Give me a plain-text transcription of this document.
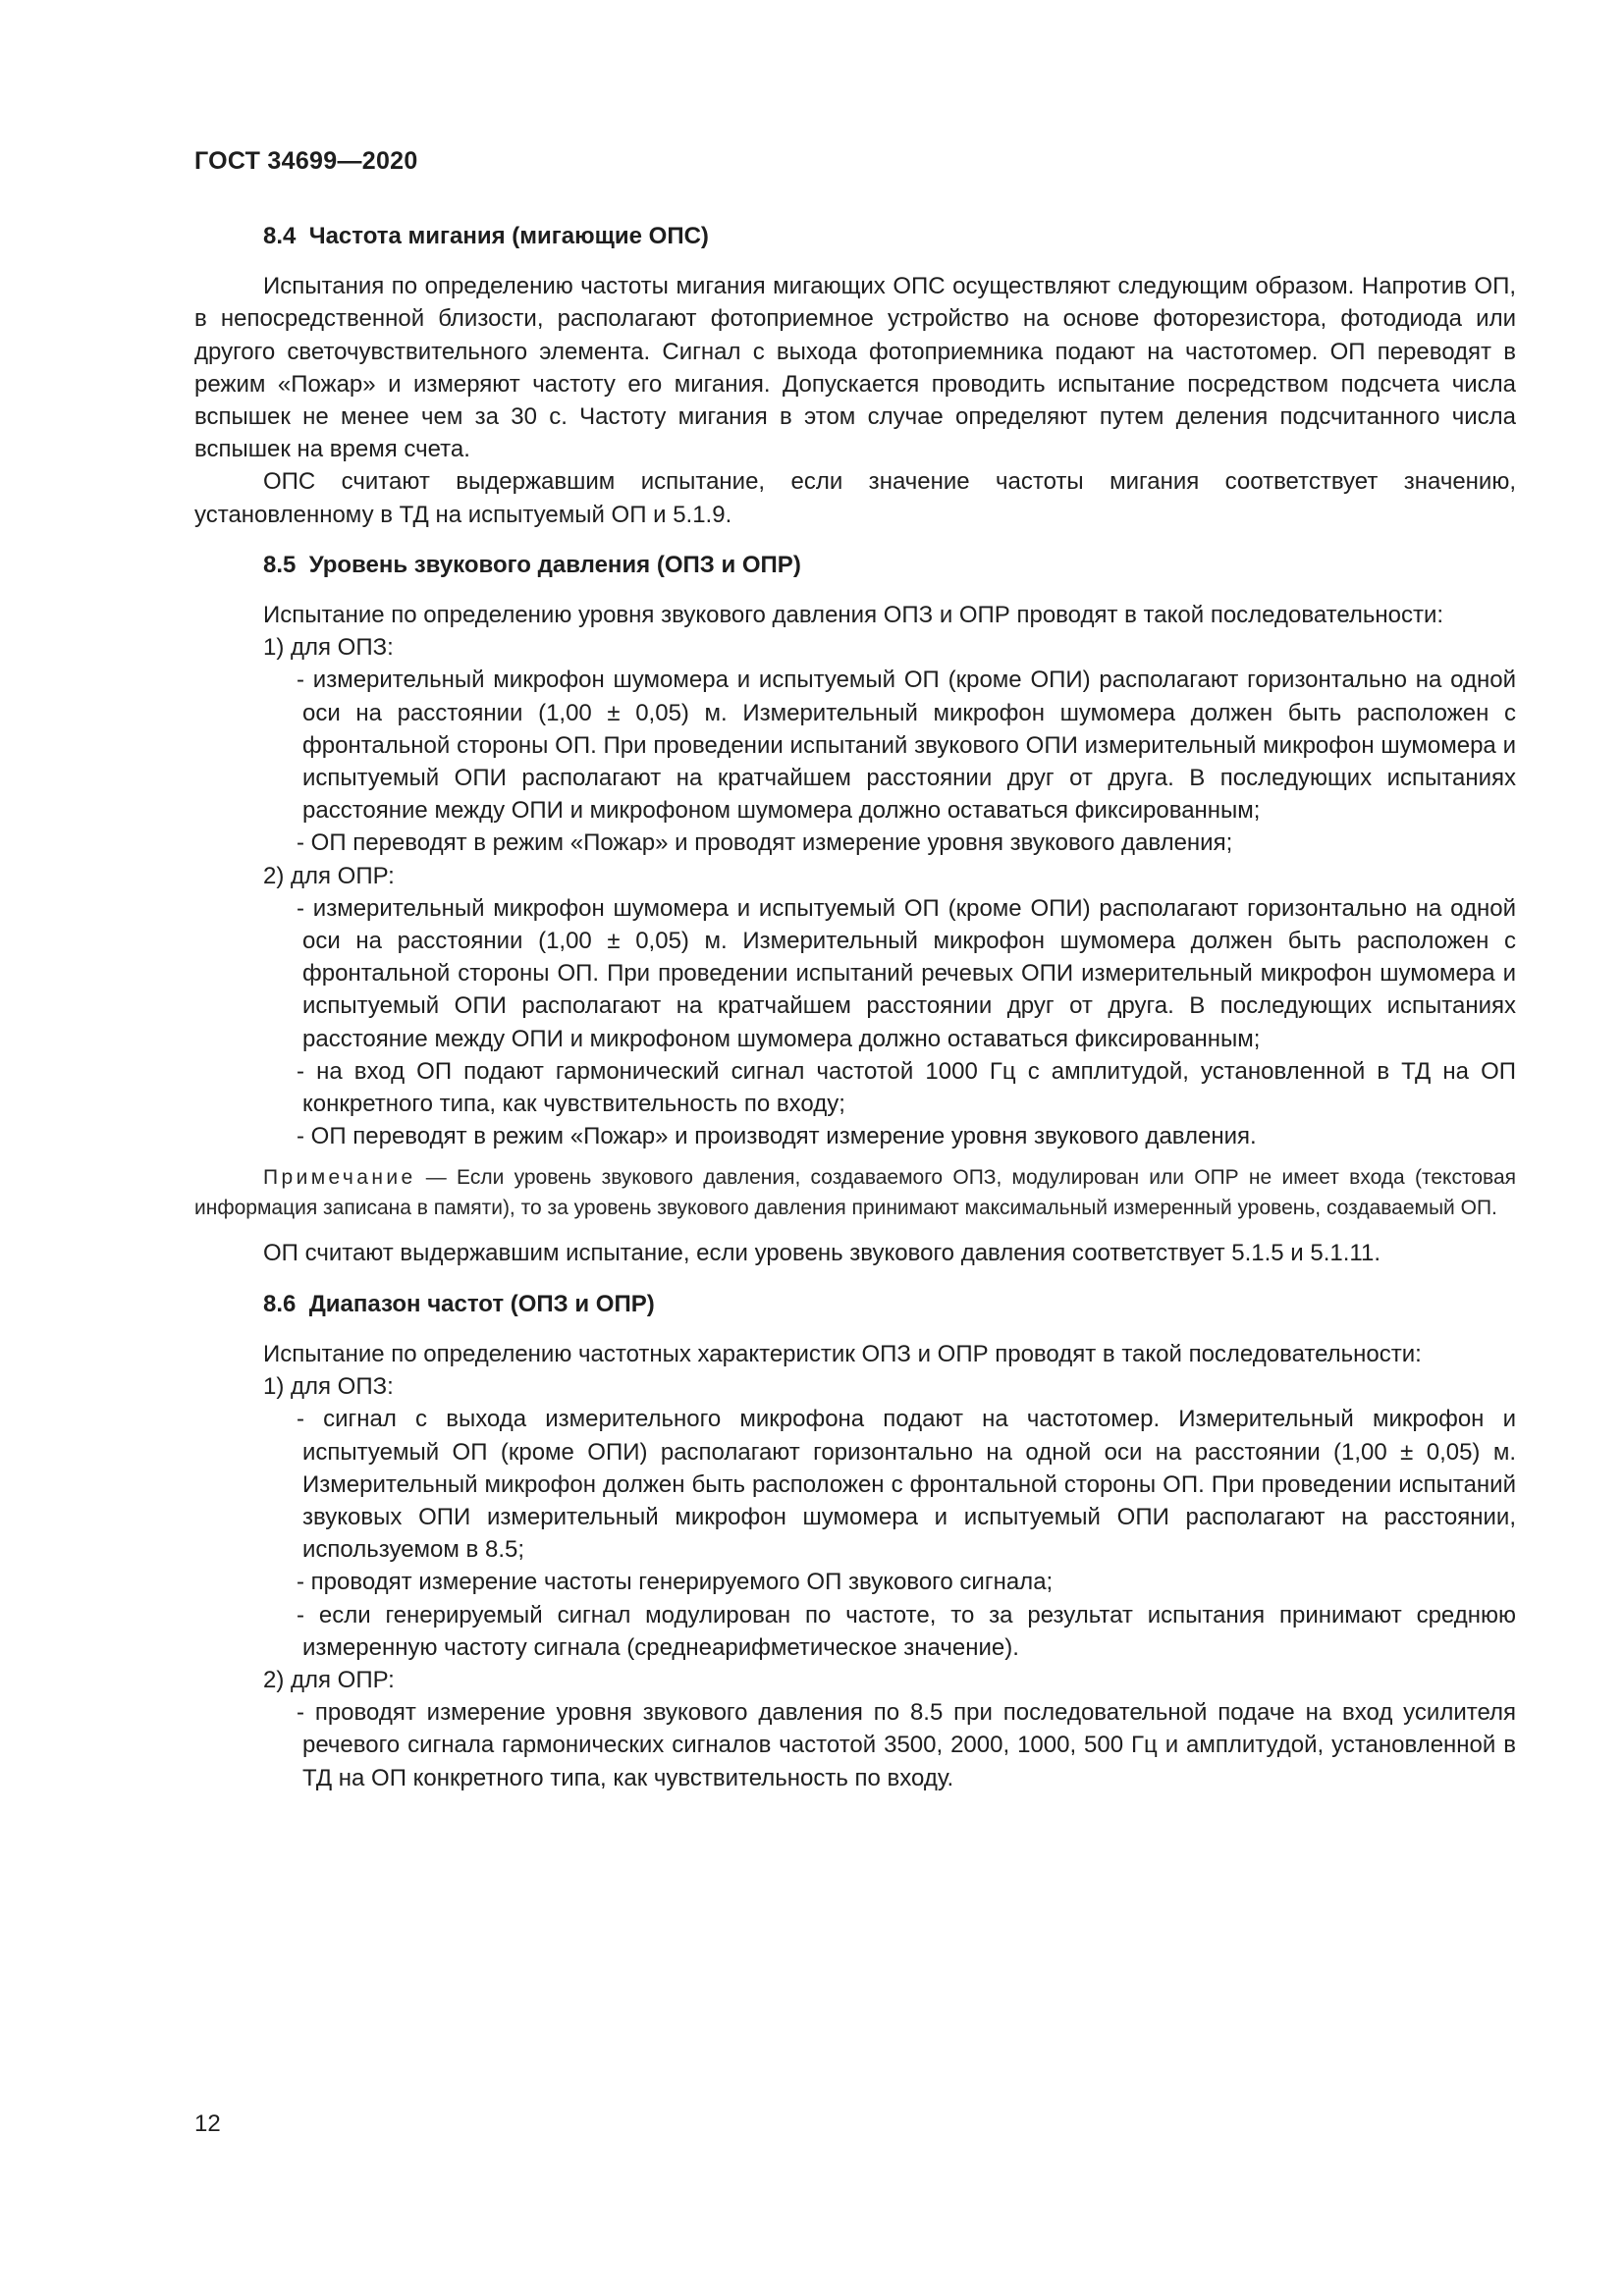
ГОСТ 34699—2020
8.4  Частота мигания (мигающие ОПС)

Испытания по определению частоты мигания мигающих ОПС осуществляют следующим образом. Напротив ОП, в непосредственной близости, располагают фотоприемное устройство на основе фоторезистора, фотодиода или другого светочувствительного элемента. Сигнал с выхода фотоприемника подают на частотомер. ОП переводят в режим «Пожар» и измеряют частоту его мигания. Допускается проводить испытание посредством подсчета числа вспышек не менее чем за 30 с. Частоту мигания в этом случае определяют путем деления подсчитанного числа вспышек на время счета.

ОПС считают выдержавшим испытание, если значение частоты мигания соответствует значению, установленному в ТД на испытуемый ОП и 5.1.9.

8.5  Уровень звукового давления (ОПЗ и ОПР)

Испытание по определению уровня звукового давления ОПЗ и ОПР проводят в такой последовательности:

1) для ОПЗ:

- измерительный микрофон шумомера и испытуемый ОП (кроме ОПИ) располагают горизонтально на одной оси на расстоянии (1,00 ± 0,05) м. Измерительный микрофон шумомера должен быть расположен с фронтальной стороны ОП. При проведении испытаний звукового ОПИ измерительный микрофон шумомера и испытуемый ОПИ располагают на кратчайшем расстоянии друг от друга. В последующих испытаниях расстояние между ОПИ и микрофоном шумомера должно оставаться фиксированным;

- ОП переводят в режим «Пожар» и проводят измерение уровня звукового давления;

2) для ОПР:

- измерительный микрофон шумомера и испытуемый ОП (кроме ОПИ) располагают горизонтально на одной оси на расстоянии (1,00 ± 0,05) м. Измерительный микрофон шумомера должен быть расположен с фронтальной стороны ОП. При проведении испытаний речевых ОПИ измерительный микрофон шумомера и испытуемый ОПИ располагают на кратчайшем расстоянии друг от друга. В последующих испытаниях расстояние между ОПИ и микрофоном шумомера должно оставаться фиксированным;

- на вход ОП подают гармонический сигнал частотой 1000 Гц с амплитудой, установленной в ТД на ОП конкретного типа, как чувствительность по входу;

- ОП переводят в режим «Пожар» и производят измерение уровня звукового давления.

Примечание — Если уровень звукового давления, создаваемого ОПЗ, модулирован или ОПР не имеет входа (текстовая информация записана в памяти), то за уровень звукового давления принимают максимальный измеренный уровень, создаваемый ОП.

ОП считают выдержавшим испытание, если уровень звукового давления соответствует 5.1.5 и 5.1.11.

8.6  Диапазон частот (ОПЗ и ОПР)

Испытание по определению частотных характеристик ОПЗ и ОПР проводят в такой последовательности:

1) для ОПЗ:

- сигнал с выхода измерительного микрофона подают на частотомер. Измерительный микрофон и испытуемый ОП (кроме ОПИ) располагают горизонтально на одной оси на расстоянии (1,00 ± 0,05) м. Измерительный микрофон должен быть расположен с фронтальной стороны ОП. При проведении испытаний звуковых ОПИ измерительный микрофон шумомера и испытуемый ОПИ располагают на расстоянии, используемом в 8.5;

- проводят измерение частоты генерируемого ОП звукового сигнала;

- если генерируемый сигнал модулирован по частоте, то за результат испытания принимают среднюю измеренную частоту сигнала (среднеарифметическое значение).

2) для ОПР:

- проводят измерение уровня звукового давления по 8.5 при последовательной подаче на вход усилителя речевого сигнала гармонических сигналов частотой 3500, 2000, 1000, 500 Гц и амплитудой, установленной в ТД на ОП конкретного типа, как чувствительность по входу.

12
